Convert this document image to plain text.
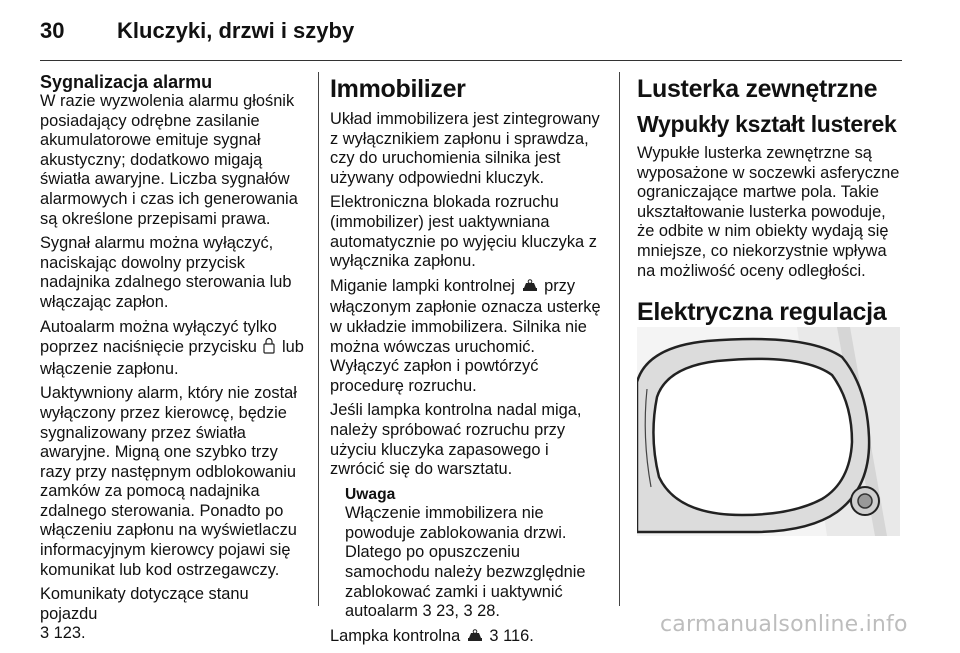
30 Kluczyki, drzwi i szyby
Sygnalizacja alarmu

W razie wyzwolenia alarmu głośnik posiadający odrębne zasilanie akumulatorowe emituje sygnał akustyczny; dodatkowo migają światła awaryjne. Liczba sygnałów alarmowych i czas ich generowania są określone przepisami prawa.

Sygnał alarmu można wyłączyć, naciskając dowolny przycisk nadajnika zdalnego sterowania lub włączając zapłon.

Autoalarm można wyłączyć tylko poprzez naciśnięcie przycisku lub włączenie zapłonu.

Uaktywniony alarm, który nie został wyłączony przez kierowcę, będzie sygnalizowany przez światła awaryjne. Migną one szybko trzy razy przy następnym odblokowaniu zamków za pomocą nadajnika zdalnego sterowania. Ponadto po włączeniu zapłonu na wyświetlaczu informacyjnym kierowcy pojawi się komunikat lub kod ostrzegawczy.

Komunikaty dotyczące stanu pojazdu
3 123.

Immobilizer

Układ immobilizera jest zintegrowany z wyłącznikiem zapłonu i sprawdza, czy do uruchomienia silnika jest używany odpowiedni kluczyk.

Elektroniczna blokada rozruchu (immobilizer) jest uaktywniana automatycznie po wyjęciu kluczyka z wyłącznika zapłonu.

Miganie lampki kontrolnej przy włączonym zapłonie oznacza usterkę w układzie immobilizera. Silnika nie można wówczas uruchomić. Wyłączyć zapłon i powtórzyć procedurę rozruchu.

Jeśli lampka kontrolna nadal miga, należy spróbować rozruchu przy użyciu kluczyka zapasowego i zwrócić się do warsztatu.

Uwaga
Włączenie immobilizera nie powoduje zablokowania drzwi. Dlatego po opuszczeniu samochodu należy bezwzględnie zablokować zamki i uaktywnić autoalarm 3 23, 3 28.

Lampka kontrolna 3 116.

Lusterka zewnętrzne
Wypukły kształt lusterek

Wypukłe lusterka zewnętrzne są wyposażone w soczewki asferyczne ograniczające martwe pola. Takie ukształtowanie lusterka powoduje, że odbite w nim obiekty wydają się mniejsze, co niekorzystnie wpływa na możliwość oceny odległości.

Elektryczna regulacja
carmanualsonline.info
